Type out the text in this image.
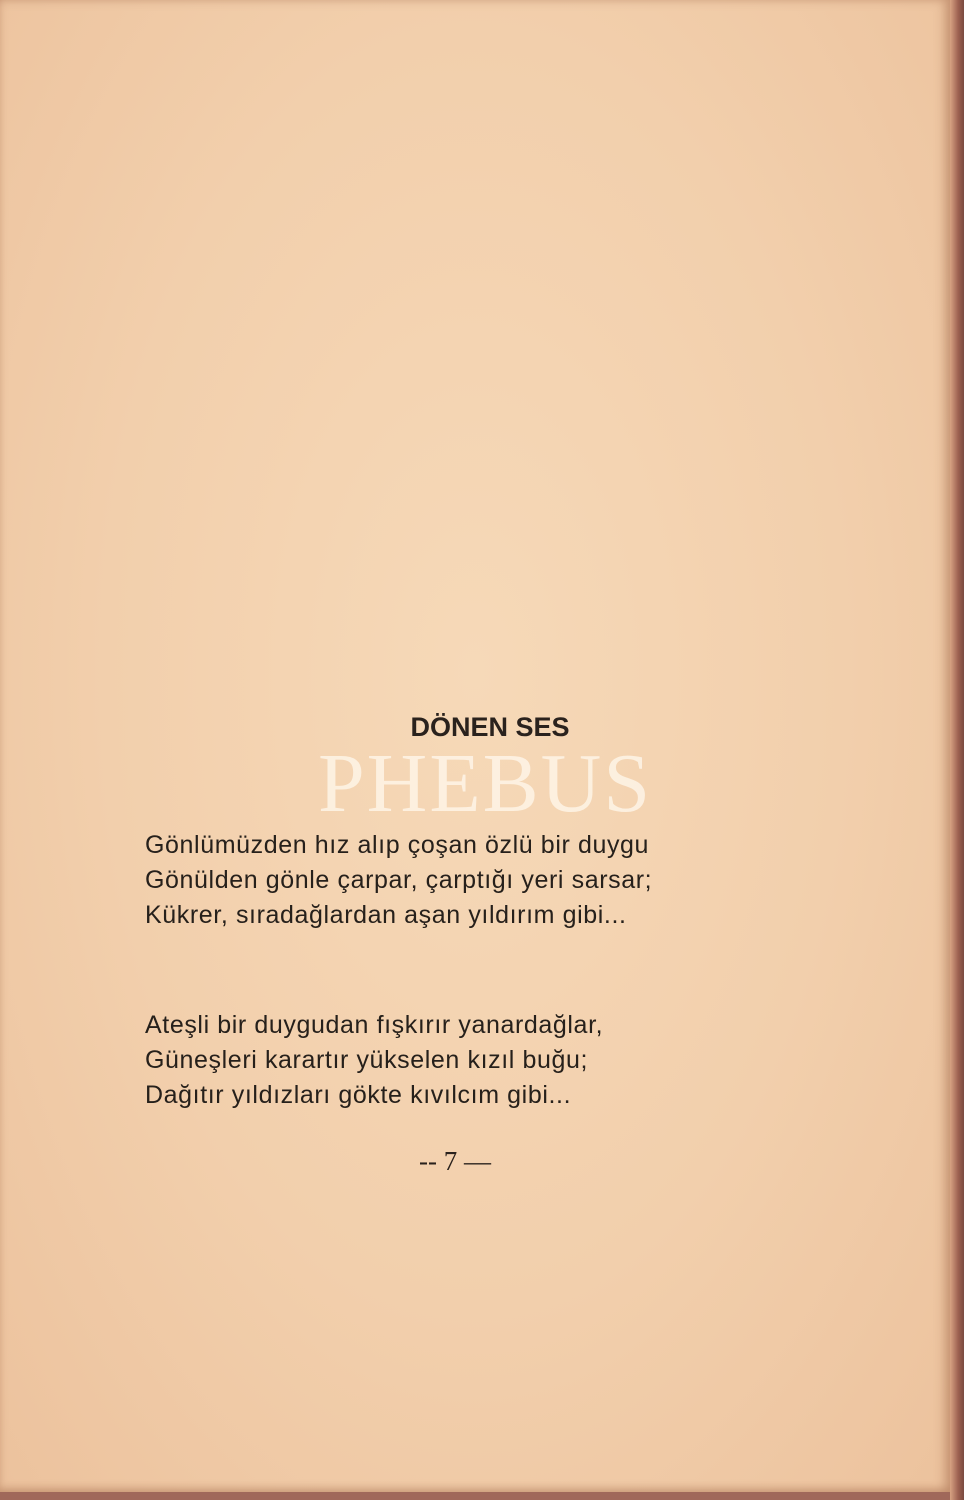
DÖNEN SES
PHEBUS
Gönlümüzden hız alıp çoşan özlü bir duygu
Gönülden gönle çarpar, çarptığı yeri sarsar;
Kükrer, sıradağlardan aşan yıldırım gibi...
Ateşli bir duygudan fışkırır yanardağlar,
Güneşleri karartır yükselen kızıl buğu;
Dağıtır yıldızları gökte kıvılcım gibi...
-- 7 —
